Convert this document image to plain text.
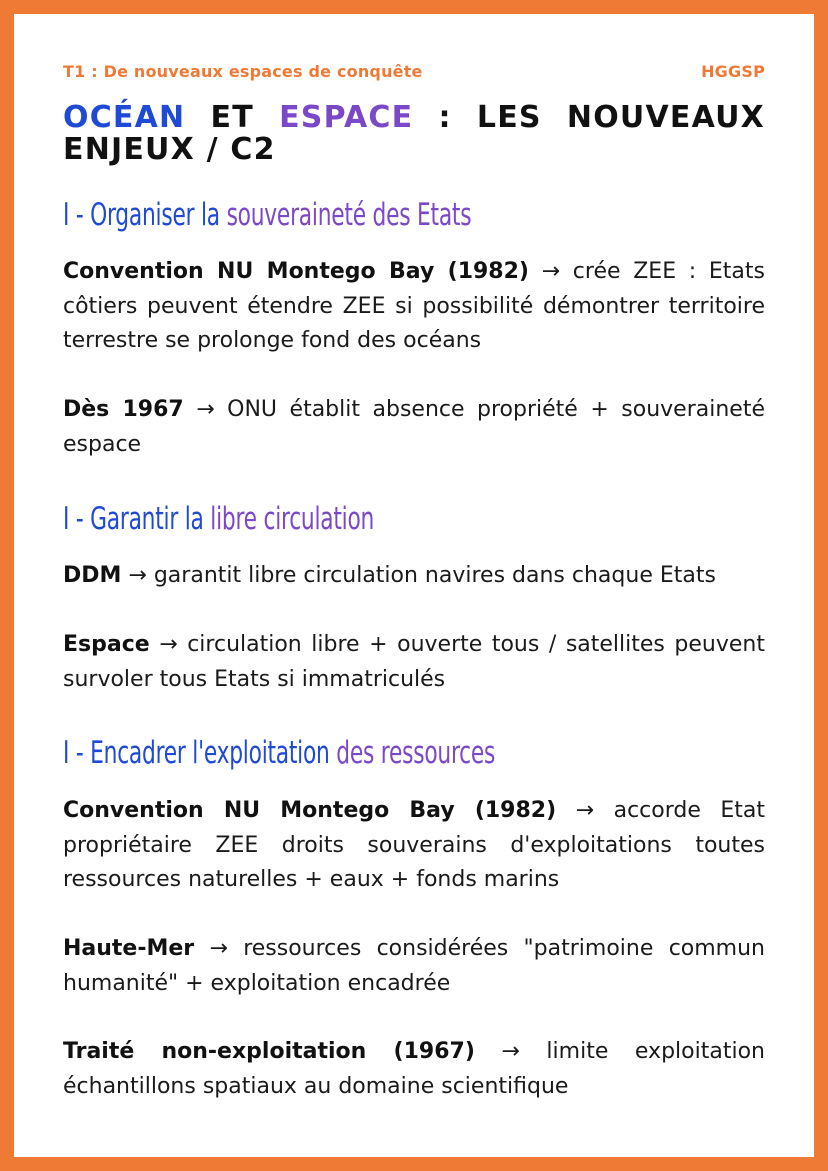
T1 : De nouveaux espaces de conquête	HGGSP
OCÉAN ET ESPACE : LES NOUVEAUX ENJEUX / C2
I - Organiser la souveraineté des Etats

Convention NU Montego Bay (1982) → crée ZEE : Etats côtiers peuvent étendre ZEE si possibilité démontrer territoire terrestre se prolonge fond des océans

Dès 1967 → ONU établit absence propriété + souveraineté espace

I - Garantir la libre circulation

DDM → garantit libre circulation navires dans chaque Etats

Espace → circulation libre + ouverte tous / satellites peuvent survoler tous Etats si immatriculés

I - Encadrer l'exploitation des ressources

Convention NU Montego Bay (1982) → accorde Etat propriétaire ZEE droits souverains d'exploitations toutes ressources naturelles + eaux + fonds marins

Haute-Mer → ressources considérées "patrimoine commun humanité" + exploitation encadrée

Traité non-exploitation (1967) → limite exploitation échantillons spatiaux au domaine scientifique
